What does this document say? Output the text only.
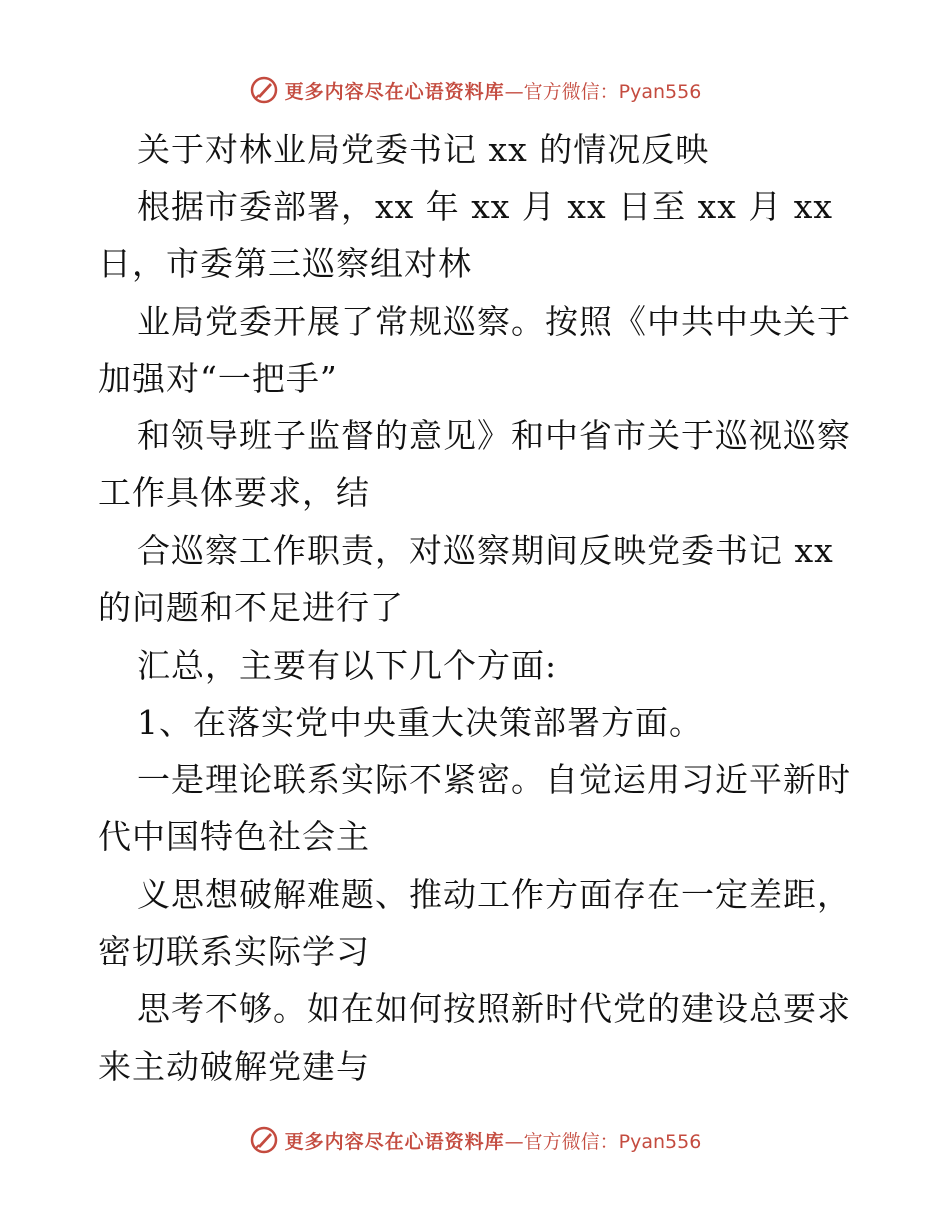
更多内容尽在心语资料库 —官方微信：Pyan556
关于对林业局党委书记 xx 的情况反映
根据市委部署，xx 年 xx 月 xx 日至 xx 月 xx
日，市委第三巡察组对林
业局党委开展了常规巡察。按照《中共中央关于
加强对“一把手”
和领导班子监督的意见》和中省市关于巡视巡察
工作具体要求，结
合巡察工作职责，对巡察期间反映党委书记 xx
的问题和不足进行了
汇总，主要有以下几个方面:
1、在落实党中央重大决策部署方面。
一是理论联系实际不紧密。自觉运用习近平新时
代中国特色社会主
义思想破解难题、推动工作方面存在一定差距，
密切联系实际学习
思考不够。如在如何按照新时代党的建设总要求
来主动破解党建与
更多内容尽在心语资料库 —官方微信：Pyan556
